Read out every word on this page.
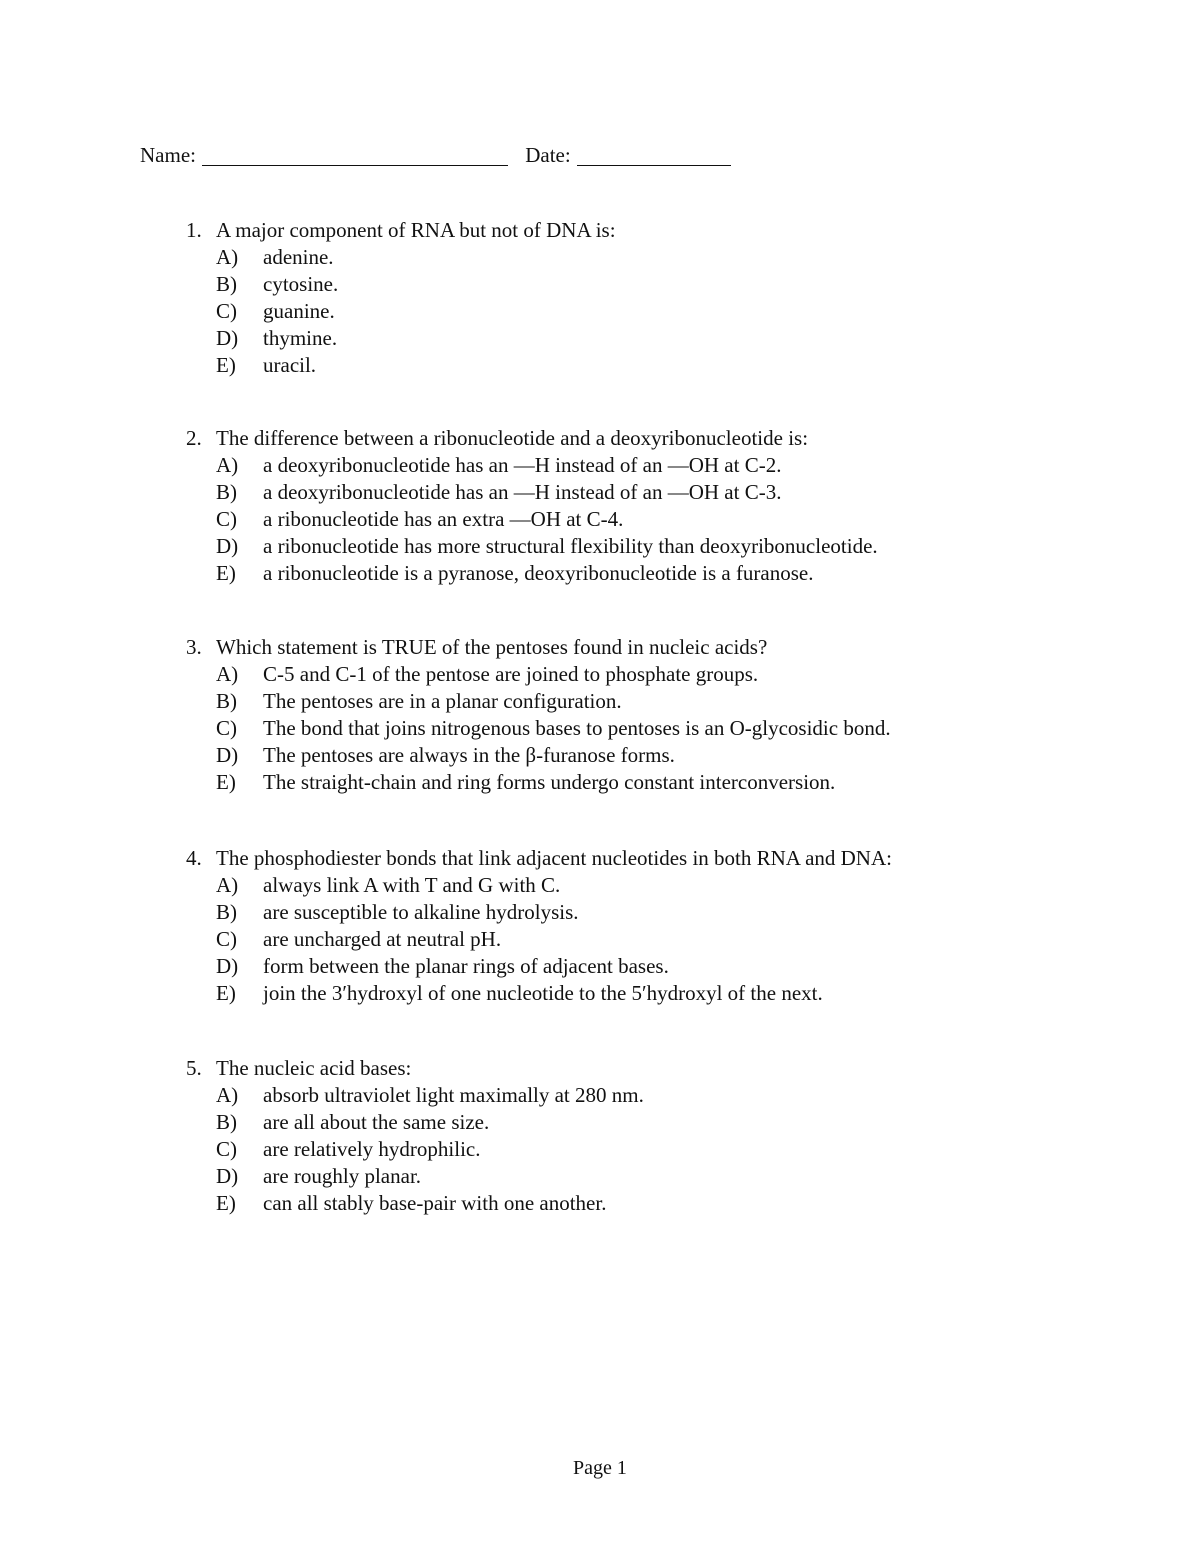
Name:	Date:
1. A major component of RNA but not of DNA is:
A) adenine.
B) cytosine.
C) guanine.
D) thymine.
E) uracil.
2. The difference between a ribonucleotide and a deoxyribonucleotide is:
A) a deoxyribonucleotide has an —H instead of an —OH at C-2.
B) a deoxyribonucleotide has an —H instead of an —OH at C-3.
C) a ribonucleotide has an extra —OH at C-4.
D) a ribonucleotide has more structural flexibility than deoxyribonucleotide.
E) a ribonucleotide is a pyranose, deoxyribonucleotide is a furanose.
3. Which statement is TRUE of the pentoses found in nucleic acids?
A) C-5 and C-1 of the pentose are joined to phosphate groups.
B) The pentoses are in a planar configuration.
C) The bond that joins nitrogenous bases to pentoses is an O-glycosidic bond.
D) The pentoses are always in the β-furanose forms.
E) The straight-chain and ring forms undergo constant interconversion.
4. The phosphodiester bonds that link adjacent nucleotides in both RNA and DNA:
A) always link A with T and G with C.
B) are susceptible to alkaline hydrolysis.
C) are uncharged at neutral pH.
D) form between the planar rings of adjacent bases.
E) join the 3′hydroxyl of one nucleotide to the 5′hydroxyl of the next.
5. The nucleic acid bases:
A) absorb ultraviolet light maximally at 280 nm.
B) are all about the same size.
C) are relatively hydrophilic.
D) are roughly planar.
E) can all stably base-pair with one another.
Page 1
